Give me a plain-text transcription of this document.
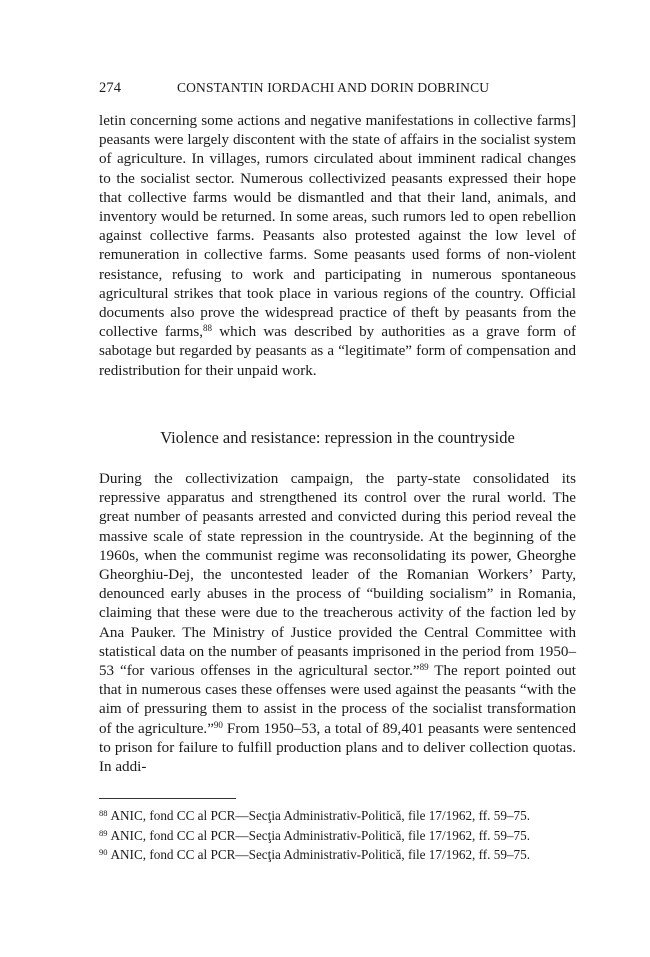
274	CONSTANTIN IORDACHI AND DORIN DOBRINCU

letin concerning some actions and negative manifestations in collective farms] peasants were largely discontent with the state of affairs in the socialist system of agriculture. In villages, rumors circulated about imminent radical changes to the socialist sector. Numerous collectivized peasants expressed their hope that collective farms would be dismantled and that their land, animals, and inventory would be returned. In some areas, such rumors led to open rebellion against collective farms. Peasants also protested against the low level of remuneration in collective farms. Some peasants used forms of non-violent resistance, refusing to work and participating in numerous spontaneous agricultural strikes that took place in various regions of the country. Official documents also prove the widespread practice of theft by peasants from the collective farms,$^{88}$ which was described by authorities as a grave form of sabotage but regarded by peasants as a “legitimate” form of compensation and redistribution for their unpaid work.

Violence and resistance: repression in the countryside

During the collectivization campaign, the party-state consolidated its repressive apparatus and strengthened its control over the rural world. The great number of peasants arrested and convicted during this period reveal the massive scale of state repression in the countryside. At the beginning of the 1960s, when the communist regime was reconsolidating its power, Gheorghe Gheorghiu-Dej, the uncontested leader of the Romanian Workers’ Party, denounced early abuses in the process of “building socialism” in Romania, claiming that these were due to the treacherous activity of the faction led by Ana Pauker. The Ministry of Justice provided the Central Committee with statistical data on the number of peasants imprisoned in the period from 1950–53 “for various offenses in the agricultural sector.”$^{89}$ The report pointed out that in numerous cases these offenses were used against the peasants “with the aim of pressuring them to assist in the process of the socialist transformation of the agriculture.”$^{90}$ From 1950–53, a total of 89,401 peasants were sentenced to prison for failure to fulfill production plans and to deliver collection quotas. In addi-

$^{88}$ ANIC, fond CC al PCR—Secţia Administrativ-Politică, file 17/1962, ff. 59–75.
$^{89}$ ANIC, fond CC al PCR—Secţia Administrativ-Politică, file 17/1962, ff. 59–75.
$^{90}$ ANIC, fond CC al PCR—Secţia Administrativ-Politică, file 17/1962, ff. 59–75.
